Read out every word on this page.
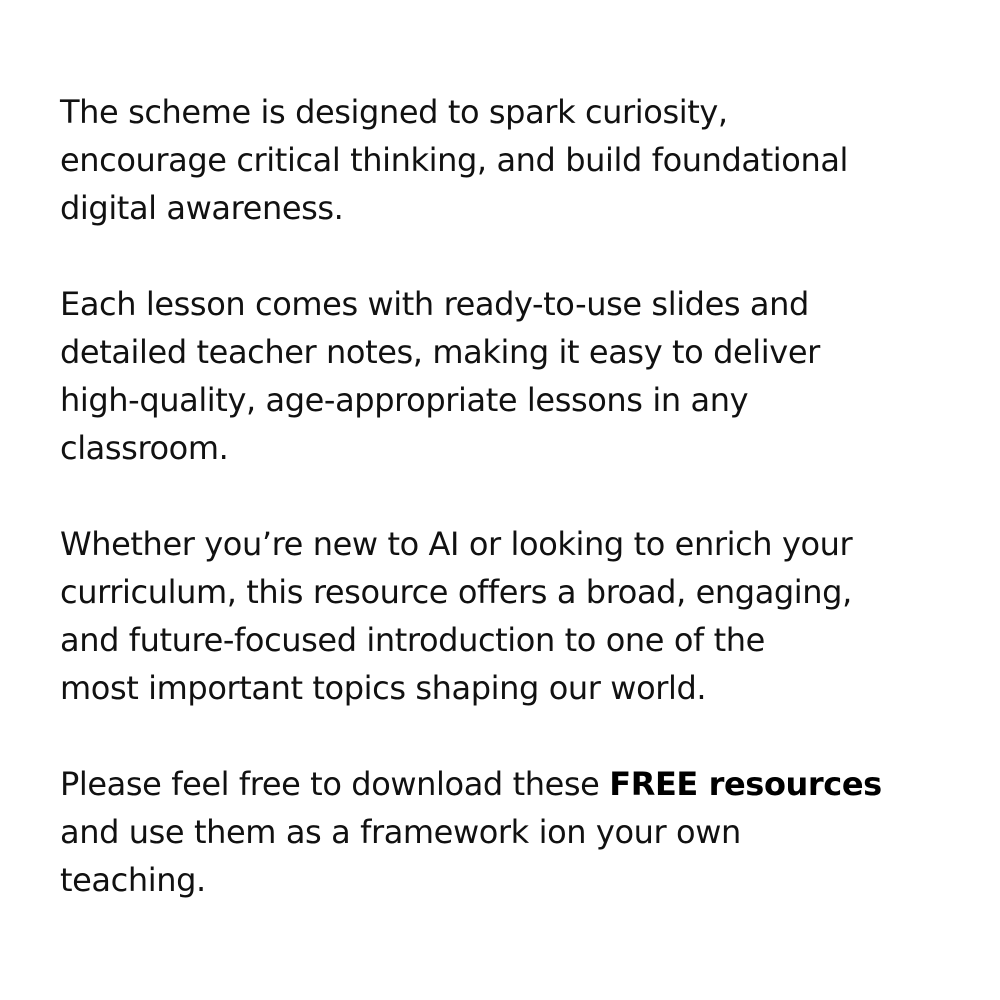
The scheme is designed to spark curiosity,
encourage critical thinking, and build foundational
digital awareness.

Each lesson comes with ready-to-use slides and
detailed teacher notes, making it easy to deliver
high-quality, age-appropriate lessons in any
classroom.

Whether you’re new to AI or looking to enrich your
curriculum, this resource offers a broad, engaging,
and future-focused introduction to one of the
most important topics shaping our world.

Please feel free to download these FREE resources
and use them as a framework ion your own
teaching.
